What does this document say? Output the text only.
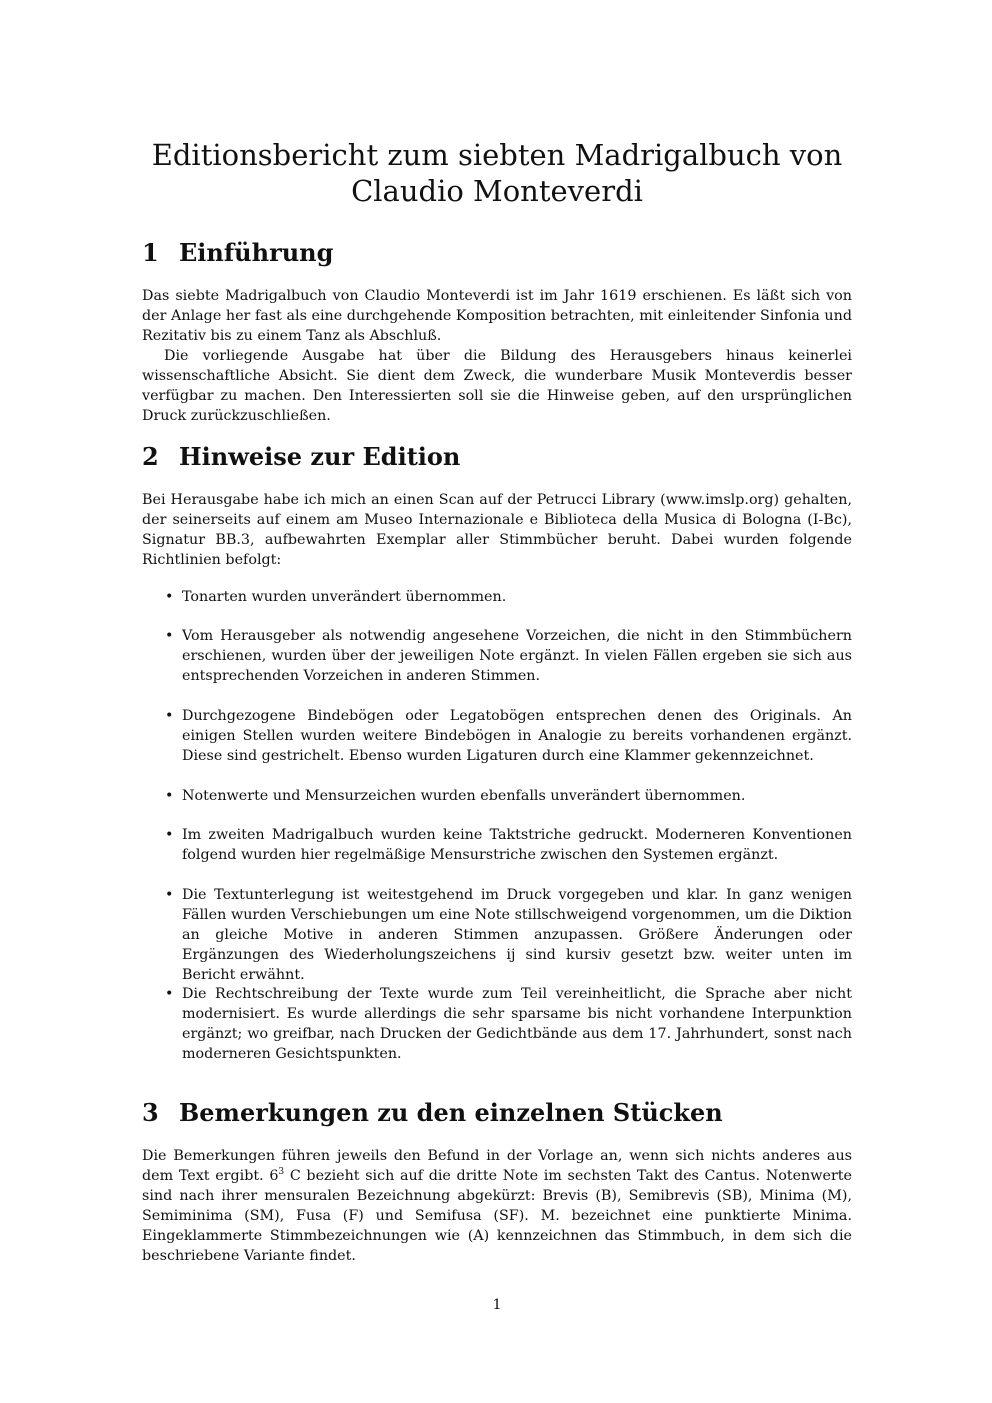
Editionsbericht zum siebten Madrigalbuch von
Claudio Monteverdi
1 Einführung

Das siebte Madrigalbuch von Claudio Monteverdi ist im Jahr 1619 erschienen. Es läßt sich von der Anlage her fast als eine durchgehende Komposition betrachten, mit einleitender Sinfonia und Rezitativ bis zu einem Tanz als Abschluß.

Die vorliegende Ausgabe hat über die Bildung des Herausgebers hinaus keinerlei wissenschaftliche Absicht. Sie dient dem Zweck, die wunderbare Musik Monteverdis besser verfügbar zu machen. Den Interessierten soll sie die Hinweise geben, auf den ursprünglichen Druck zurückzuschließen.

2 Hinweise zur Edition

Bei Herausgabe habe ich mich an einen Scan auf der Petrucci Library (www.imslp.org) gehalten, der seinerseits auf einem am Museo Internazionale e Biblioteca della Musica di Bologna (I-Bc), Signatur BB.3, aufbewahrten Exemplar aller Stimmbücher beruht. Dabei wurden folgende Richtlinien befolgt:

• Tonarten wurden unverändert übernommen.
• Vom Herausgeber als notwendig angesehene Vorzeichen, die nicht in den Stimmbüchern erschienen, wurden über der jeweiligen Note ergänzt. In vielen Fällen ergeben sie sich aus entsprechenden Vorzeichen in anderen Stimmen.
• Durchgezogene Bindebögen oder Legatobögen entsprechen denen des Originals. An einigen Stellen wurden weitere Bindebögen in Analogie zu bereits vorhandenen ergänzt. Diese sind gestrichelt. Ebenso wurden Ligaturen durch eine Klammer gekennzeichnet.
• Notenwerte und Mensurzeichen wurden ebenfalls unverändert übernommen.
• Im zweiten Madrigalbuch wurden keine Taktstriche gedruckt. Moderneren Konventionen folgend wurden hier regelmäßige Mensurstriche zwischen den Systemen ergänzt.
• Die Textunterlegung ist weitestgehend im Druck vorgegeben und klar. In ganz wenigen Fällen wurden Verschiebungen um eine Note stillschweigend vorgenommen, um die Diktion an gleiche Motive in anderen Stimmen anzupassen. Größere Änderungen oder Ergänzungen des Wiederholungszeichens ij sind kursiv gesetzt bzw. weiter unten im Bericht erwähnt.
• Die Rechtschreibung der Texte wurde zum Teil vereinheitlicht, die Sprache aber nicht modernisiert. Es wurde allerdings die sehr sparsame bis nicht vorhandene Interpunktion ergänzt; wo greifbar, nach Drucken der Gedichtbände aus dem 17. Jahrhundert, sonst nach moderneren Gesichtspunkten.
3 Bemerkungen zu den einzelnen Stücken

Die Bemerkungen führen jeweils den Befund in der Vorlage an, wenn sich nichts anderes aus dem Text ergibt. $6^3$ C bezieht sich auf die dritte Note im sechsten Takt des Cantus. Notenwerte sind nach ihrer mensuralen Bezeichnung abgekürzt: Brevis (B), Semibrevis (SB), Minima (M), Semiminima (SM), Fusa (F) und Semifusa (SF). M. bezeichnet eine punktierte Minima. Eingeklammerte Stimmbezeichnungen wie (A) kennzeichnen das Stimmbuch, in dem sich die beschriebene Variante findet.

1
